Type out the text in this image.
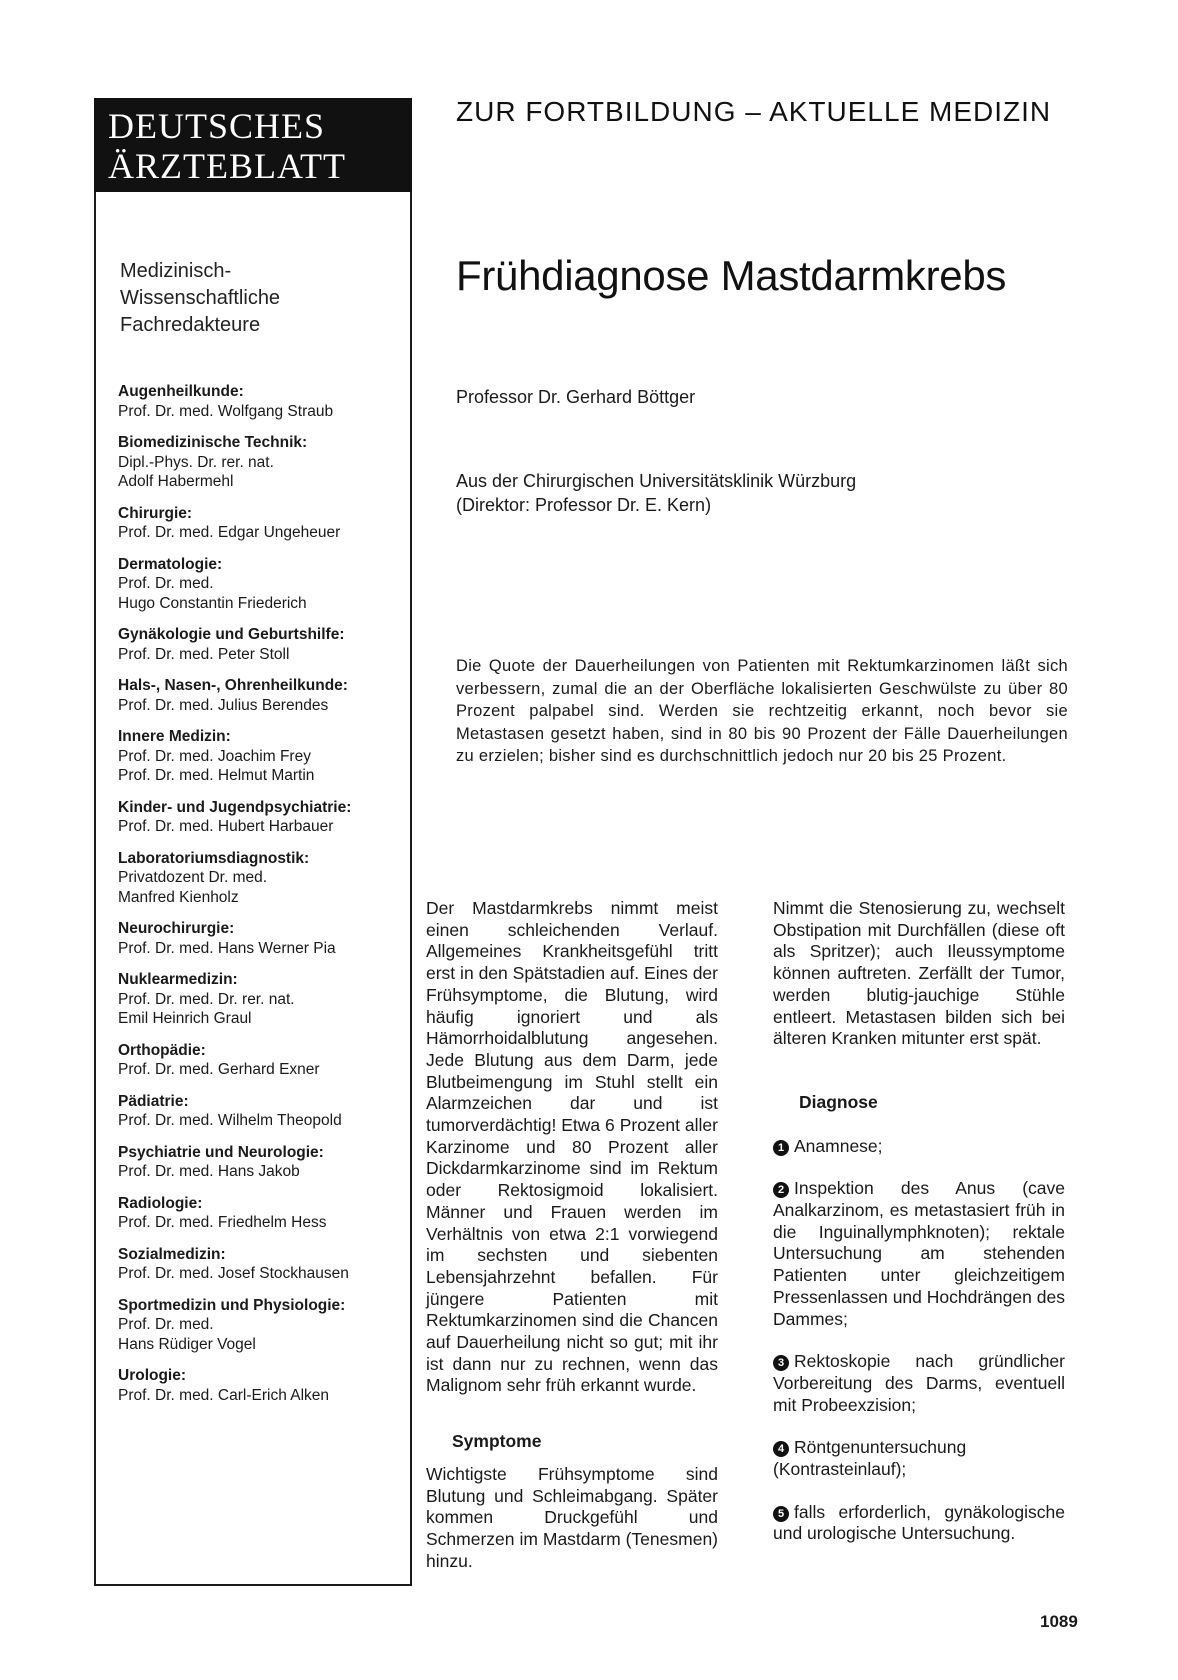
DEUTSCHES
ÄRZTEBLATT
Medizinisch-
Wissenschaftliche
Fachredakteure
Augenheilkunde:
Prof. Dr. med. Wolfgang Straub
Biomedizinische Technik:
Dipl.-Phys. Dr. rer. nat.
Adolf Habermehl
Chirurgie:
Prof. Dr. med. Edgar Ungeheuer
Dermatologie:
Prof. Dr. med.
Hugo Constantin Friederich
Gynäkologie und Geburtshilfe:
Prof. Dr. med. Peter Stoll
Hals-, Nasen-, Ohrenheilkunde:
Prof. Dr. med. Julius Berendes
Innere Medizin:
Prof. Dr. med. Joachim Frey
Prof. Dr. med. Helmut Martin
Kinder- und Jugendpsychiatrie:
Prof. Dr. med. Hubert Harbauer
Laboratoriumsdiagnostik:
Privatdozent Dr. med.
Manfred Kienholz
Neurochirurgie:
Prof. Dr. med. Hans Werner Pia
Nuklearmedizin:
Prof. Dr. med. Dr. rer. nat.
Emil Heinrich Graul
Orthopädie:
Prof. Dr. med. Gerhard Exner
Pädiatrie:
Prof. Dr. med. Wilhelm Theopold
Psychiatrie und Neurologie:
Prof. Dr. med. Hans Jakob
Radiologie:
Prof. Dr. med. Friedhelm Hess
Sozialmedizin:
Prof. Dr. med. Josef Stockhausen
Sportmedizin und Physiologie:
Prof. Dr. med.
Hans Rüdiger Vogel
Urologie:
Prof. Dr. med. Carl-Erich Alken
ZUR FORTBILDUNG – AKTUELLE MEDIZIN
Frühdiagnose Mastdarmkrebs
Professor Dr. Gerhard Böttger
Aus der Chirurgischen Universitätsklinik Würzburg
(Direktor: Professor Dr. E. Kern)
Die Quote der Dauerheilungen von Patienten mit Rektumkarzinomen läßt sich verbessern, zumal die an der Oberfläche lokalisierten Geschwülste zu über 80 Prozent palpabel sind. Werden sie rechtzeitig erkannt, noch bevor sie Metastasen gesetzt haben, sind in 80 bis 90 Prozent der Fälle Dauerheilungen zu erzielen; bisher sind es durchschnittlich jedoch nur 20 bis 25 Prozent.

Der Mastdarmkrebs nimmt meist einen schleichenden Verlauf. Allgemeines Krankheitsgefühl tritt erst in den Spätstadien auf. Eines der Frühsymptome, die Blutung, wird häufig ignoriert und als Hämorrhoidalblutung angesehen. Jede Blutung aus dem Darm, jede Blutbeimengung im Stuhl stellt ein Alarmzeichen dar und ist tumorverdächtig! Etwa 6 Prozent aller Karzinome und 80 Prozent aller Dickdarmkarzinome sind im Rektum oder Rektosigmoid lokalisiert. Männer und Frauen werden im Verhältnis von etwa 2:1 vorwiegend im sechsten und siebenten Lebensjahrzehnt befallen. Für jüngere Patienten mit Rektumkarzinomen sind die Chancen auf Dauerheilung nicht so gut; mit ihr ist dann nur zu rechnen, wenn das Malignom sehr früh erkannt wurde.

Symptome

Wichtigste Frühsymptome sind Blutung und Schleimabgang. Später kommen Druckgefühl und Schmerzen im Mastdarm (Tenesmen) hinzu.

Nimmt die Stenosierung zu, wechselt Obstipation mit Durchfällen (diese oft als Spritzer); auch Ileussymptome können auftreten. Zerfällt der Tumor, werden blutig-jauchige Stühle entleert. Metastasen bilden sich bei älteren Kranken mitunter erst spät.

Diagnose
1 Anamnese;
2 Inspektion des Anus (cave Analkarzinom, es metastasiert früh in die Inguinallymphknoten); rektale Untersuchung am stehenden Patienten unter gleichzeitigem Pressenlassen und Hochdrängen des Dammes;
3 Rektoskopie nach gründlicher Vorbereitung des Darms, eventuell mit Probeexzision;
4 Röntgenuntersuchung (Kontrasteinlauf);
5 falls erforderlich, gynäkologische und urologische Untersuchung.
1089
